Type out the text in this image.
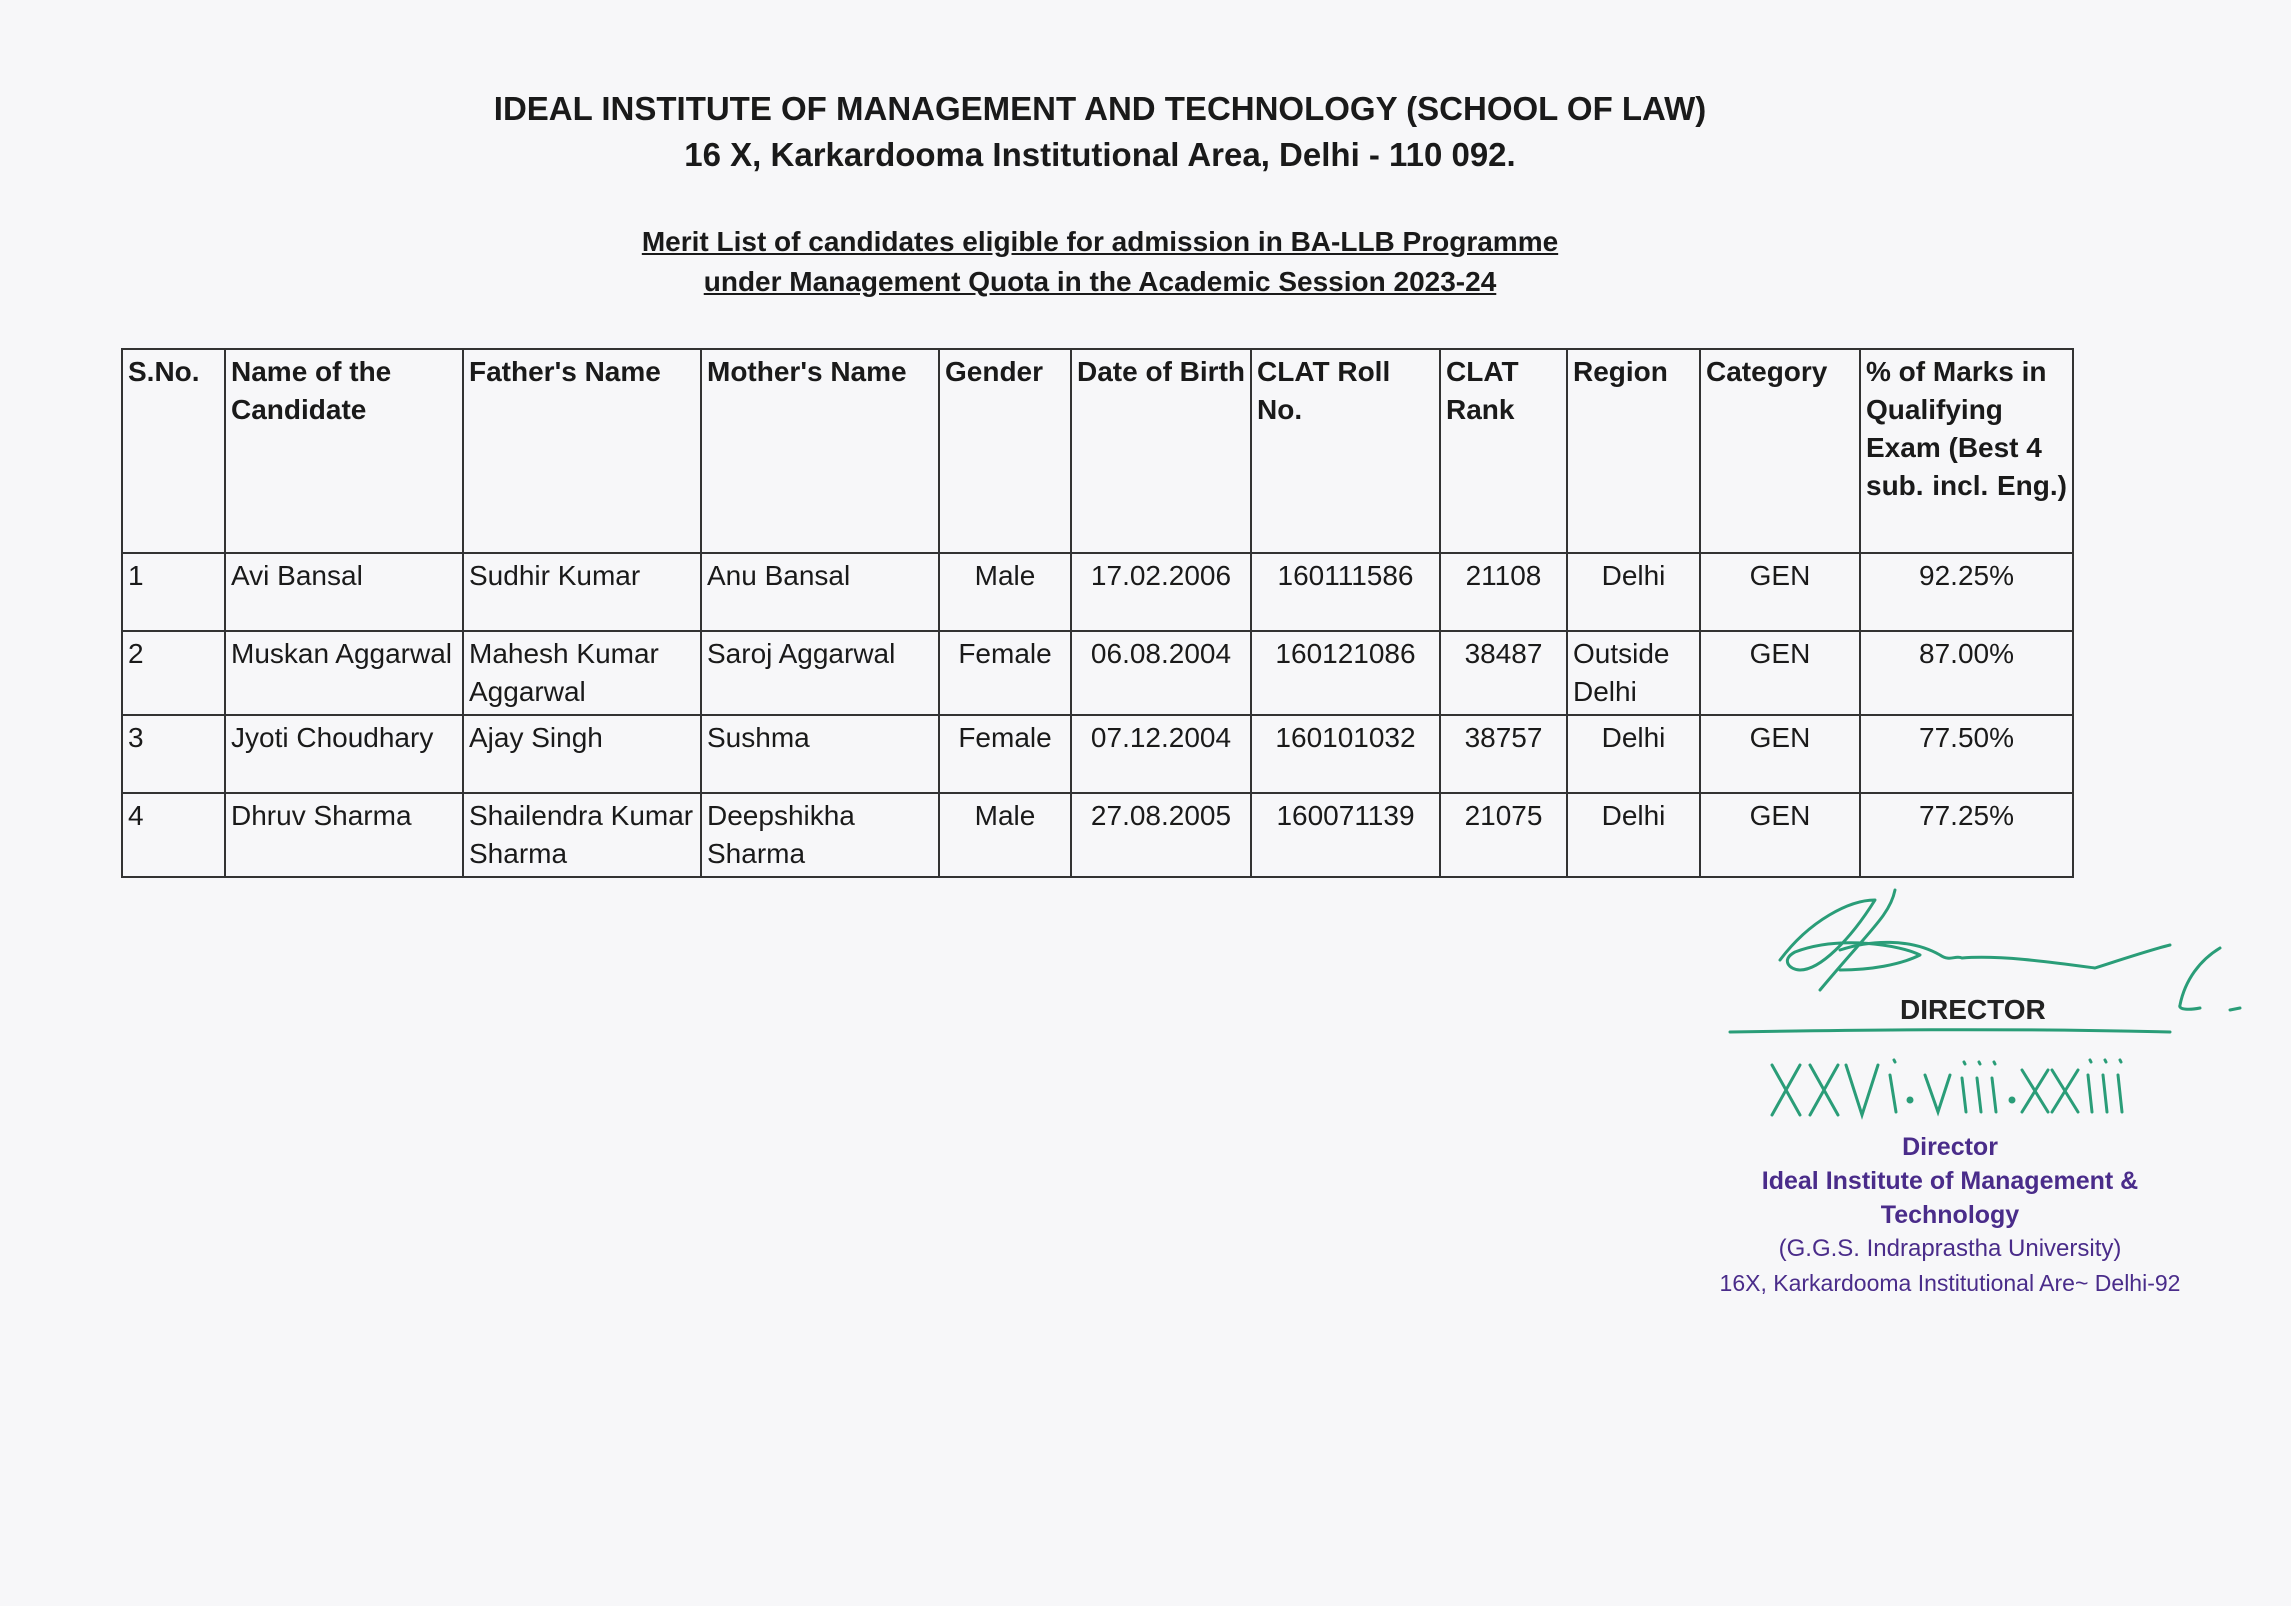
IDEAL INSTITUTE OF MANAGEMENT AND TECHNOLOGY (SCHOOL OF LAW)
16 X, Karkardooma Institutional Area, Delhi - 110 092.
Merit List of candidates eligible for admission in BA-LLB Programme
under Management Quota in the Academic Session 2023-24
S.No.	Name of the Candidate	Father's Name	Mother's Name	Gender	Date of Birth	CLAT Roll No.	CLAT Rank	Region	Category	% of Marks in Qualifying Exam (Best 4 sub. incl. Eng.)
1	Avi Bansal	Sudhir Kumar	Anu Bansal	Male	17.02.2006	160111586	21108	Delhi	GEN	92.25%
2	Muskan Aggarwal	Mahesh Kumar Aggarwal	Saroj Aggarwal	Female	06.08.2004	160121086	38487	Outside Delhi	GEN	87.00%
3	Jyoti Choudhary	Ajay Singh	Sushma	Female	07.12.2004	160101032	38757	Delhi	GEN	77.50%
4	Dhruv Sharma	Shailendra Kumar Sharma	Deepshikha Sharma	Male	27.08.2005	160071139	21075	Delhi	GEN	77.25%
DIRECTOR
Director
Ideal Institute of Management & Technology
(G.G.S. Indraprastha University)
16X, Karkardooma Institutional Are~ Delhi-92
